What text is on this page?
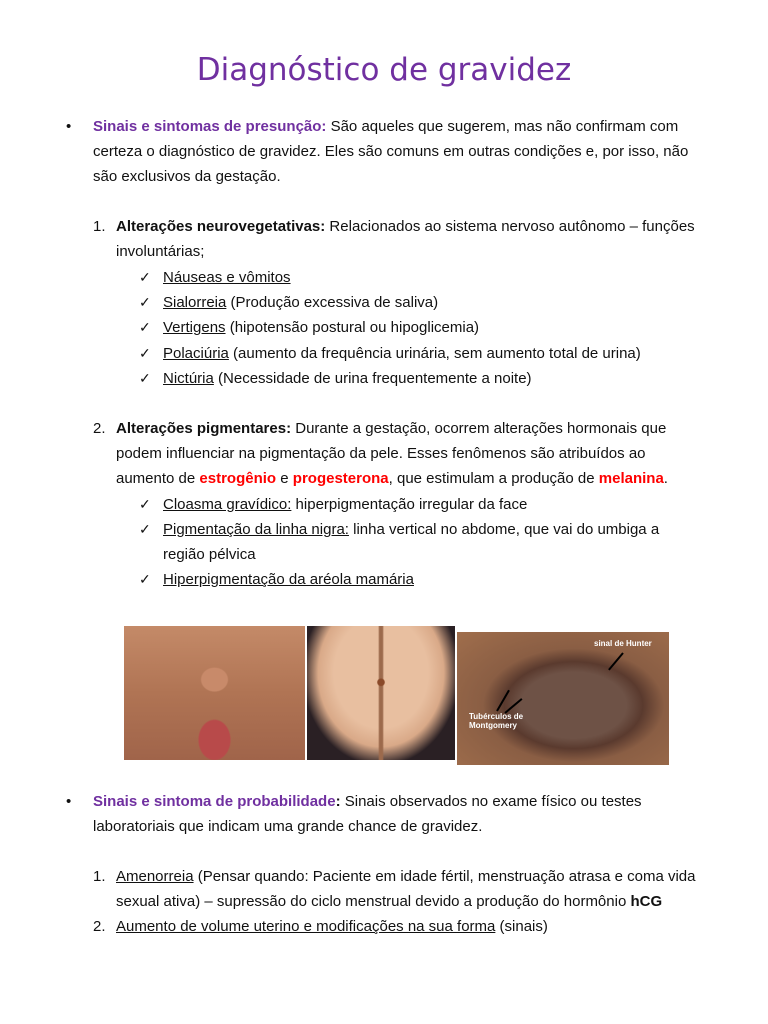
Diagnóstico de gravidez
• Sinais e sintomas de presunção: São aqueles que sugerem, mas não confirmam com
certeza o diagnóstico de gravidez. Eles são comuns em outras condições e, por isso, não
são exclusivos da gestação.
1. Alterações neurovegetativas: Relacionados ao sistema nervoso autônomo – funções
involuntárias;
✓ Náuseas e vômitos
✓ Sialorreia (Produção excessiva de saliva)
✓ Vertigens (hipotensão postural ou hipoglicemia)
✓ Polaciúria (aumento da frequência urinária, sem aumento total de urina)
✓ Nictúria (Necessidade de urina frequentemente a noite)
2. Alterações pigmentares: Durante a gestação, ocorrem alterações hormonais que
podem influenciar na pigmentação da pele. Esses fenômenos são atribuídos ao
aumento de estrogênio e progesterona, que estimulam a produção de melanina.
✓ Cloasma gravídico: hiperpigmentação irregular da face
✓ Pigmentação da linha nigra: linha vertical no abdome, que vai do umbiga a
região pélvica
✓ Hiperpigmentação da aréola mamária
sinal de Hunter
Tubérculos de
Montgomery
• Sinais e sintoma de probabilidade: Sinais observados no exame físico ou testes
laboratoriais que indicam uma grande chance de gravidez.
1. Amenorreia (Pensar quando: Paciente em idade fértil, menstruação atrasa e coma vida
sexual ativa) – supressão do ciclo menstrual devido a produção do hormônio hCG
2. Aumento de volume uterino e modificações na sua forma (sinais)
